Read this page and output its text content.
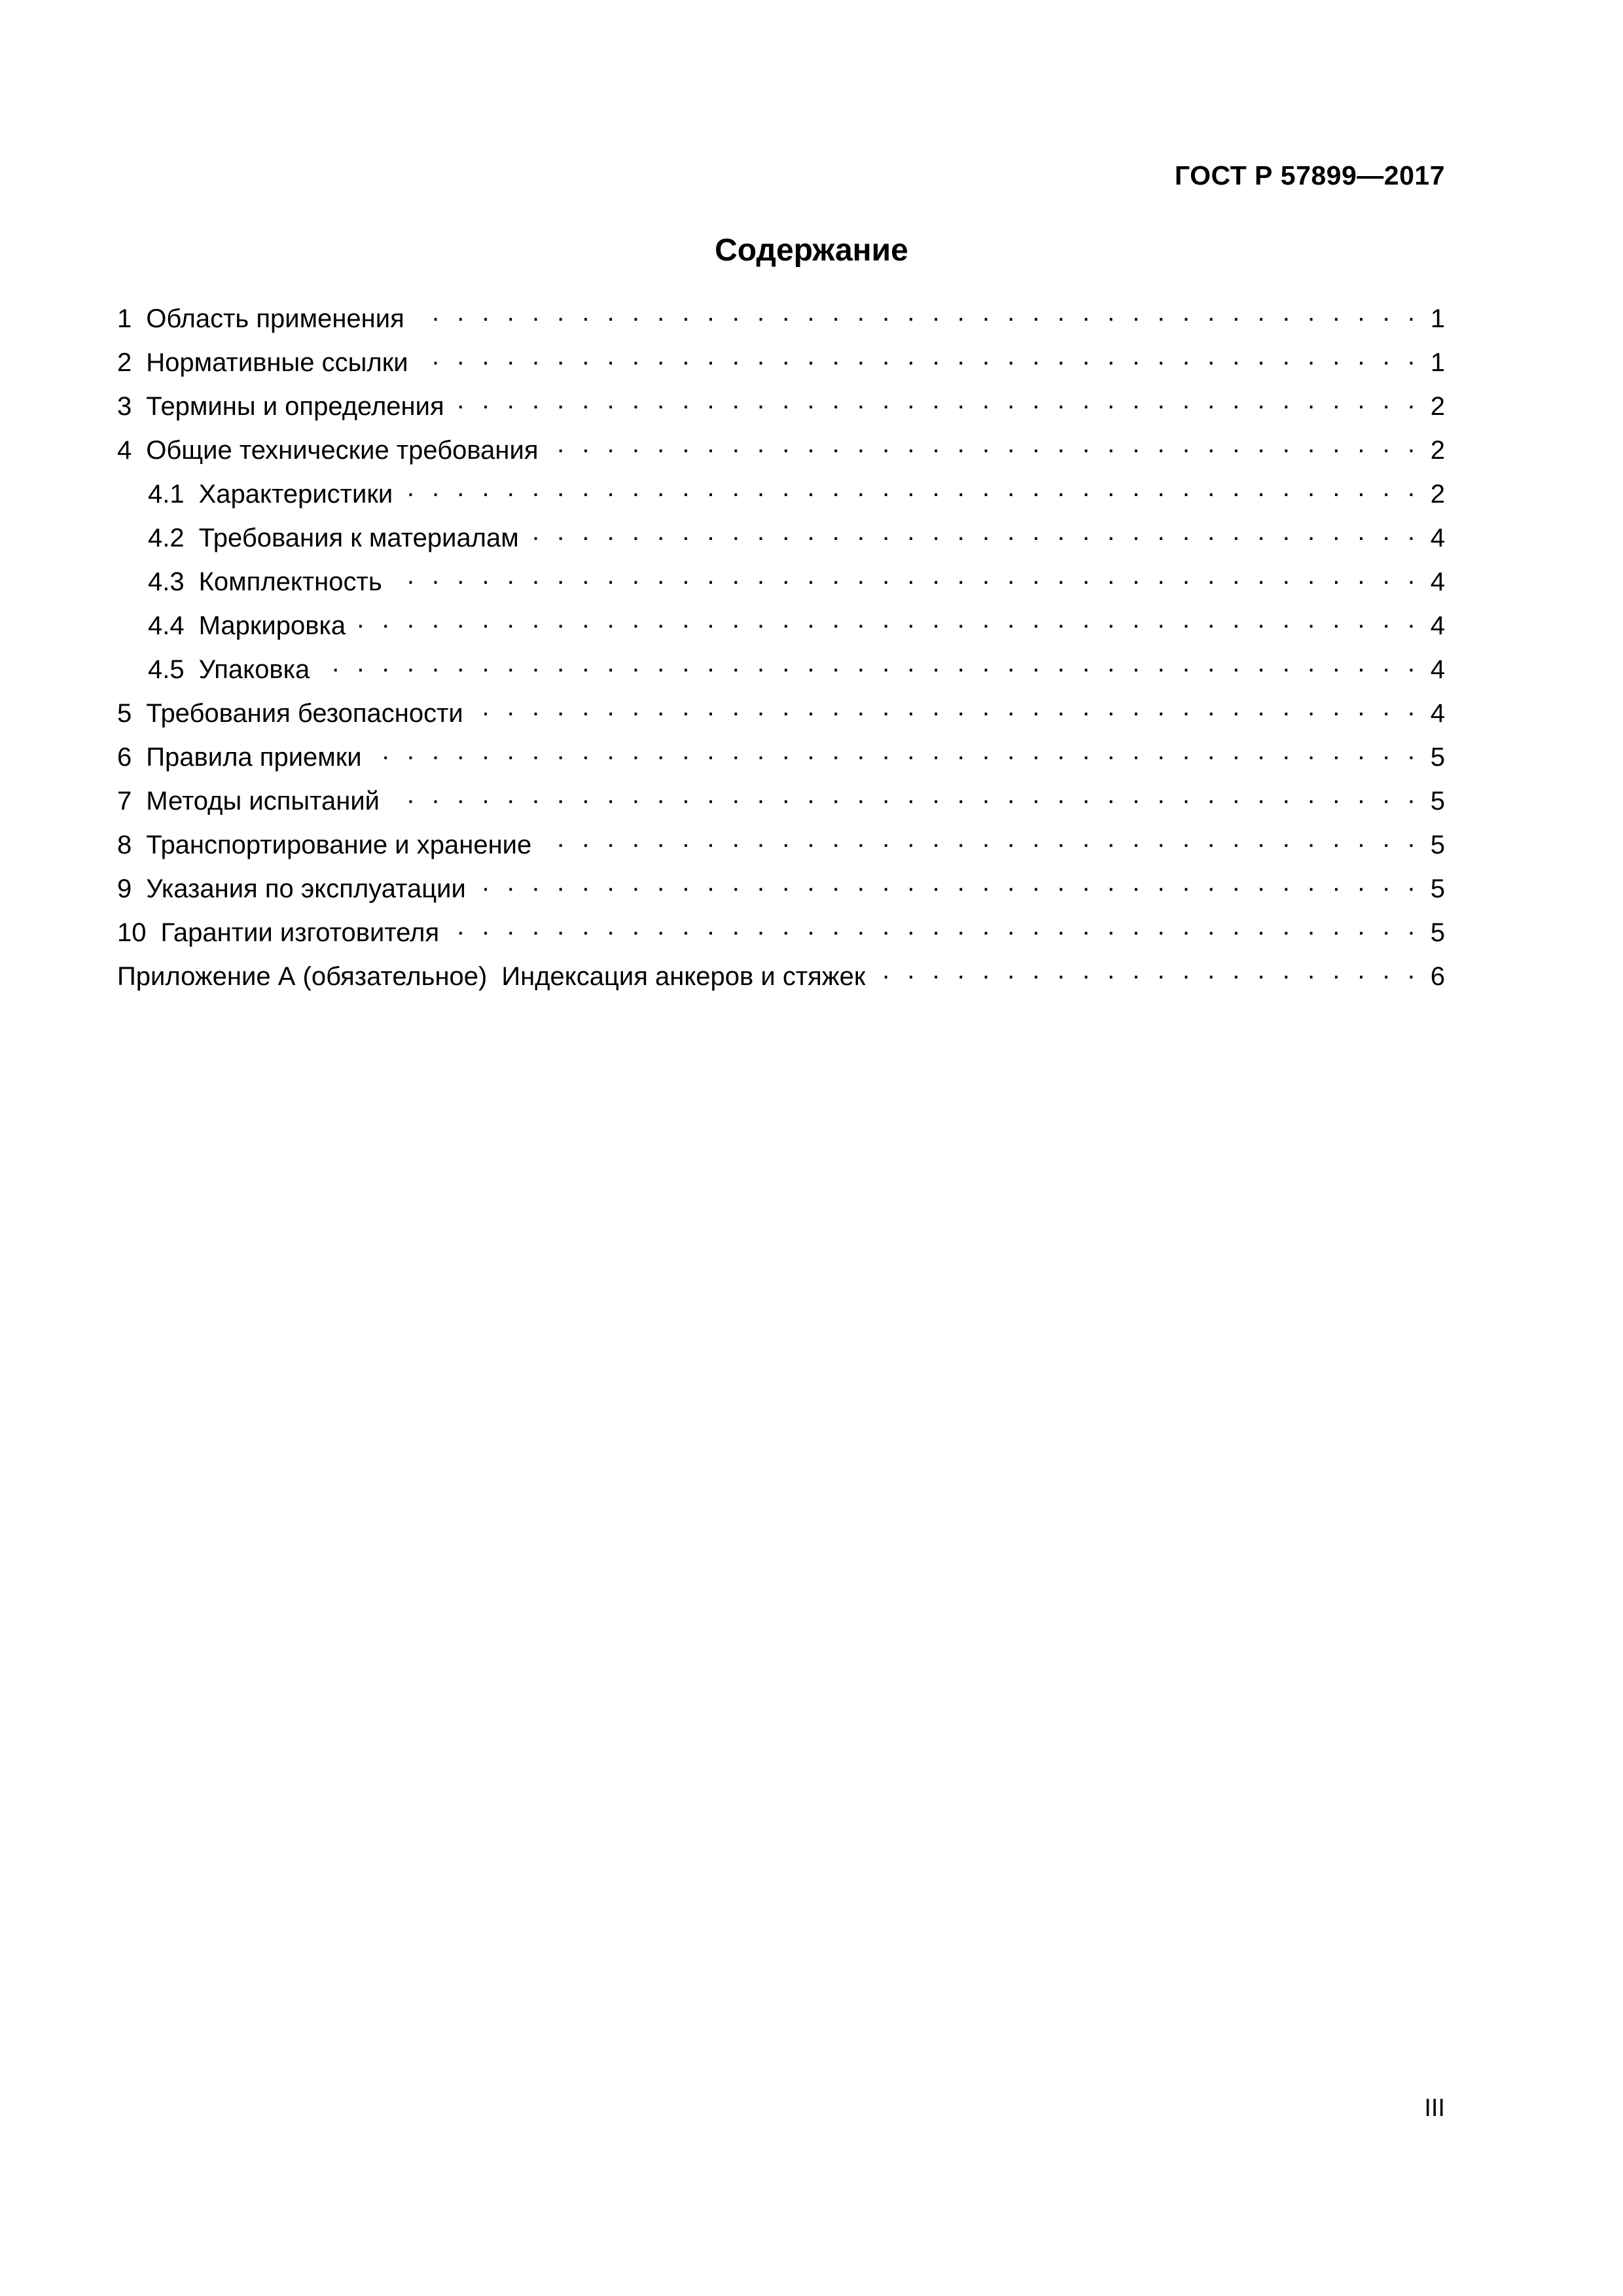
ГОСТ Р 57899—2017
Содержание
1 Область применения . . .	1
2 Нормативные ссылки . . .	1
3 Термины и определения . . .	2
4 Общие технические требования . . .	2
4.1 Характеристики . . .	2
4.2 Требования к материалам . . .	4
4.3 Комплектность . . .	4
4.4 Маркировка . . .	4
4.5 Упаковка . . .	4
5 Требования безопасности . . .	4
6 Правила приемки . . .	5
7 Методы испытаний . . .	5
8 Транспортирование и хранение . . .	5
9 Указания по эксплуатации . . .	5
10 Гарантии изготовителя . . .	5
Приложение А (обязательное) Индексация анкеров и стяжек . . .	6
III
